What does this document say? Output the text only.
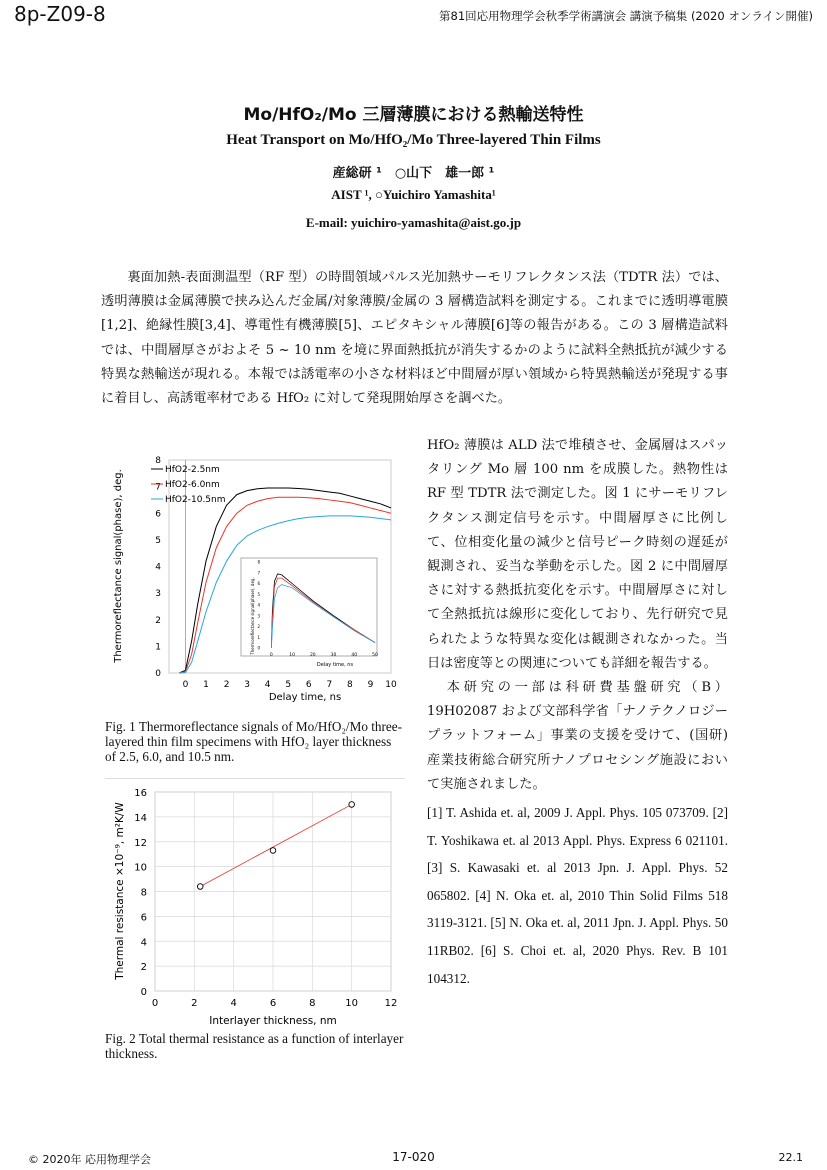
8p-Z09-8	第81回応用物理学会秋季学術講演会 講演予稿集 (2020 オンライン開催)
Mo/HfO₂/Mo 三層薄膜における熱輸送特性
Heat Transport on Mo/HfO₂/Mo Three-layered Thin Films
産総研 ¹　○山下　雄一郎 ¹
AIST ¹, ○Yuichiro Yamashita¹
E-mail: yuichiro-yamashita@aist.go.jp
裏面加熱-表面測温型（RF 型）の時間領域パルス光加熱サーモリフレクタンス法（TDTR 法）では、透明薄膜は金属薄膜で挟み込んだ金属/対象薄膜/金属の 3 層構造試料を測定する。これまでに透明導電膜 [1,2]、絶縁性膜[3,4]、導電性有機薄膜[5]、エピタキシャル薄膜[6]等の報告がある。この 3 層構造試料では、中間層厚さがおよそ 5 ~ 10 nm を境に界面熱抵抗が消失するかのように試料全熱抵抗が減少する特異な熱輸送が現れる。本報では誘電率の小さな材料ほど中間層が厚い領域から特異熱輸送が発現する事に着目し、高誘電率材である HfO₂ に対して発現開始厚さを調べた。
HfO₂ 薄膜は ALD 法で堆積させ、金属層はスパッタリング Mo 層 100 nm を成膜した。熱物性は RF 型 TDTR 法で測定した。図 1 にサーモリフレクタンス測定信号を示す。中間層厚さに比例して、位相変化量の減少と信号ピーク時刻の遅延が観測され、妥当な挙動を示した。図 2 に中間層厚さに対する熱抵抗変化を示す。中間層厚さに対して全熱抵抗は線形に変化しており、先行研究で見られたような特異な変化は観測されなかった。当日は密度等との関連についても詳細を報告する。
本研究の一部は科研費基盤研究（B）19H02087 および文部科学省「ナノテクノロジープラットフォーム」事業の支援を受けて、(国研) 産業技術総合研究所ナノプロセシング施設において実施されました。
[1] T. Ashida et. al, 2009 J. Appl. Phys. 105 073709. [2] T. Yoshikawa et. al 2013 Appl. Phys. Express 6 021101. [3] S. Kawasaki et. al 2013 Jpn. J. Appl. Phys. 52 065802. [4] N. Oka et. al, 2010 Thin Solid Films 518 3119-3121. [5] N. Oka et. al, 2011 Jpn. J. Appl. Phys. 50 11RB02. [6] S. Choi et. al, 2020 Phys. Rev. B 101 104312.
0 1 2 3 4 5 6 7 8 9 10
0
1
2
3
4
5
6
7
8
HfO2-2.5nm
HfO2-6.0nm
HfO2-10.5nm
Delay time, ns
Thermoreflectance signal(phase), deg.	0	10	20	30	40	50
0
1
2
3
4
5
6
7
8
Delay time, ns
Thermoreflectance signal(phase), deg.
Fig. 1 Thermoreflectance signals of Mo/HfO₂/Mo three-layered thin film specimens with HfO₂ layer thickness of 2.5, 6.0, and 10.5 nm.
0
2
4
6
8
10
12
14
16
0	2	4	6	8	10	12
Interlayer thickness, nm
Thermal resistance ×10⁻⁹, m²K/W
Fig. 2 Total thermal resistance as a function of interlayer thickness.
© 2020年 応用物理学会	17-020	22.1
